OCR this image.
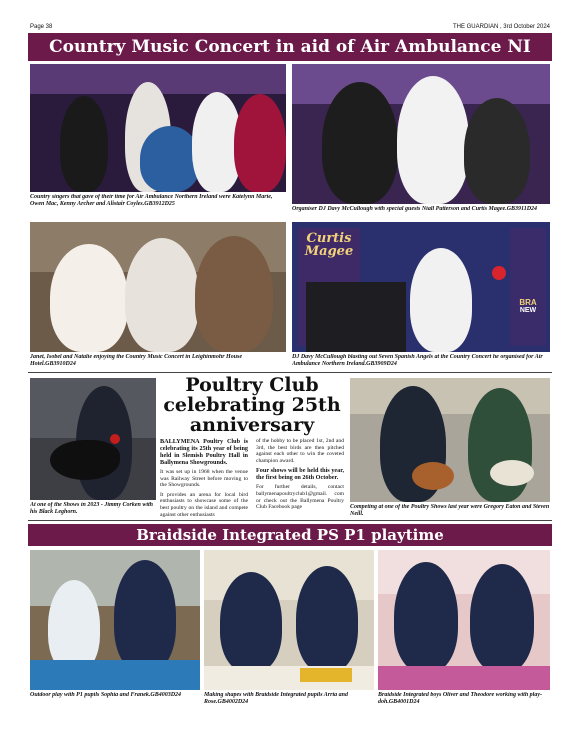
Page 38	THE GUARDIAN , 3rd October 2024
Country Music Concert in aid of Air Ambulance NI
Country singers that gave of their time for Air Ambulance Northern Ireland were Katelynn Marie, Owen Mac, Kenny Archer and Alistair Coyles.GB3912D25
Organiser DJ Davy McCullough with special guests Niall Patterson and Curtis Magee.GB3911D24
Janet, Isobel and Natalie enjoying the Country Music Concert in Leighinmohr House Hotel.GB3910D24
Curtis
Magee
BRA
NEW
DJ Davy McCullough blasting out Seven Spanish Angels at the Country Concert he organised for Air Ambulance Northern Ireland.GB3909D24
At one of the Shows in 2023 - Jimmy Corken with his Black Leghorn.
Poultry Club
celebrating 25th
anniversary

BALLYMENA Poultry Club is celebrating its 25th year of being held in Slemish Poultry Hall in Ballymena Showgrounds.

It was set up in 1968 when the venue was Railway Street before moving to the Showgrounds.

It provides an arena for local bird enthusiasts to showcase some of the best poultry on the island and compete against other enthusiasts

of the hobby to be placed 1st, 2nd and 3rd, the best birds are then pitched against each other to win the coveted champion award.

Four shows will be held this year, the first being on 26th October.

For further details, contact ballymenapoultryclub1@gmail. com or check out the Ballymena Poultry Club Facebook page	Competing at one of the Poultry Shows last year were Gregory Eaton and Steven Neill.
Braidside Integrated PS P1 playtime
Outdoor play with P1 pupils Sophia and Franek.GB4003D24	Making shapes with Braidside Integrated pupils Arria and Rose.GB4002D24
Braidside Integrated boys Oliver and Theodore working with play-doh.GB4001D24
